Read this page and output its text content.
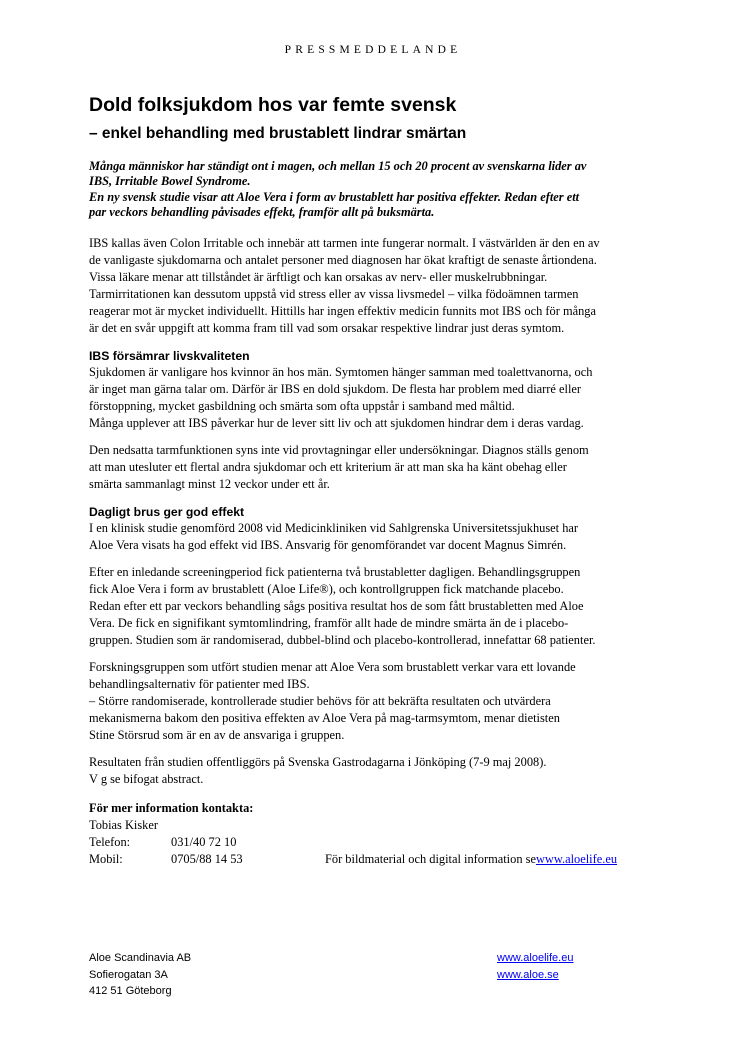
PRESSMEDDELANDE
Dold folksjukdom hos var femte svensk
– enkel behandling med brustablett lindrar smärtan
Många människor har ständigt ont i magen, och mellan 15 och 20 procent av svenskarna lider av
IBS, Irritable Bowel Syndrome.
En ny svensk studie visar att Aloe Vera i form av brustablett har positiva effekter. Redan efter ett
par veckors behandling påvisades effekt, framför allt på buksmärta.
IBS kallas även Colon Irritable och innebär att tarmen inte fungerar normalt. I västvärlden är den en av
de vanligaste sjukdomarna och antalet personer med diagnosen har ökat kraftigt de senaste årtiondena.
Vissa läkare menar att tillståndet är ärftligt och kan orsakas av nerv- eller muskelrubbningar.
Tarmirritationen kan dessutom uppstå vid stress eller av vissa livsmedel – vilka födoämnen tarmen
reagerar mot är mycket individuellt. Hittills har ingen effektiv medicin funnits mot IBS och för många
är det en svår uppgift att komma fram till vad som orsakar respektive lindrar just deras symtom.
IBS försämrar livskvaliteten
Sjukdomen är vanligare hos kvinnor än hos män. Symtomen hänger samman med toalettvanorna, och
är inget man gärna talar om. Därför är IBS en dold sjukdom. De flesta har problem med diarré eller
förstoppning, mycket gasbildning och smärta som ofta uppstår i samband med måltid.
Många upplever att IBS påverkar hur de lever sitt liv och att sjukdomen hindrar dem i deras vardag.
Den nedsatta tarmfunktionen syns inte vid provtagningar eller undersökningar. Diagnos ställs genom
att man utesluter ett flertal andra sjukdomar och ett kriterium är att man ska ha känt obehag eller
smärta sammanlagt minst 12 veckor under ett år.
Dagligt brus ger god effekt
I en klinisk studie genomförd 2008 vid Medicinkliniken vid Sahlgrenska Universitetssjukhuset har
Aloe Vera visats ha god effekt vid IBS. Ansvarig för genomförandet var docent Magnus Simrén.
Efter en inledande screeningperiod fick patienterna två brustabletter dagligen. Behandlingsgruppen
fick Aloe Vera i form av brustablett (Aloe Life®), och kontrollgruppen fick matchande placebo.
Redan efter ett par veckors behandling sågs positiva resultat hos de som fått brustabletten med Aloe
Vera. De fick en signifikant symtomlindring, framför allt hade de mindre smärta än de i placebo-
gruppen. Studien som är randomiserad, dubbel-blind och placebo-kontrollerad, innefattar 68 patienter.
Forskningsgruppen som utfört studien menar att Aloe Vera som brustablett verkar vara ett lovande
behandlingsalternativ för patienter med IBS.
– Större randomiserade, kontrollerade studier behövs för att bekräfta resultaten och utvärdera
mekanismerna bakom den positiva effekten av Aloe Vera på mag-tarmsymtom, menar dietisten
Stine Störsrud som är en av de ansvariga i gruppen.
Resultaten från studien offentliggörs på Svenska Gastrodagarna i Jönköping (7-9 maj 2008).
V g se bifogat abstract.
För mer information kontakta:
Tobias Kisker
Telefon:	031/40 72 10
Mobil:	0705/88 14 53	För bildmaterial och digital information se www.aloelife.eu
Aloe Scandinavia AB
Sofierogatan 3A
412 51 Göteborg
www.aloelife.eu
www.aloe.se
